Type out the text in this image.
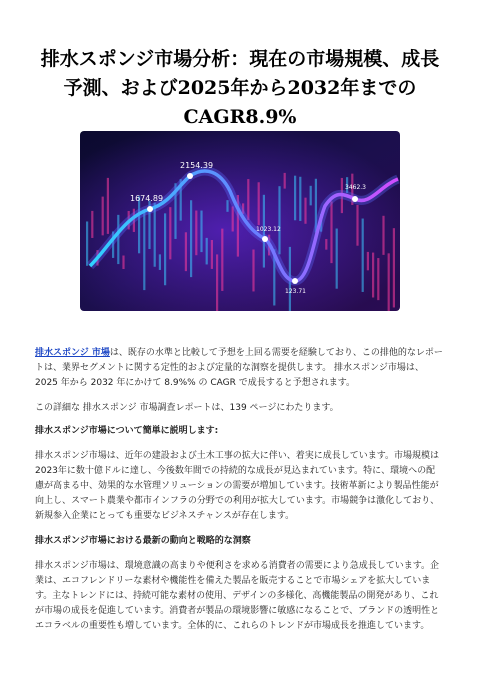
排水スポンジ市場分析：現在の市場規模、成長
予測、および2025年から2032年までの
CAGR8.9%
1674.89
2154.39
1023.12
123.71
3462.3

排水スポンジ 市場は、既存の水準と比較して予想を上回る需要を経験しており、この排他的なレポートは、業界セグメントに関する定性的および定量的な洞察を提供します。 排水スポンジ市場は、2025 年から 2032 年にかけて 8.9%% の CAGR で成長すると予想されます。

この詳細な 排水スポンジ 市場調査レポートは、139 ページにわたります。

排水スポンジ市場について簡単に説明します:

排水スポンジ市場は、近年の建設および土木工事の拡大に伴い、着実に成長しています。市場規模は2023年に数十億ドルに達し、今後数年間での持続的な成長が見込まれています。特に、環境への配慮が高まる中、効果的な水管理ソリューションの需要が増加しています。技術革新により製品性能が向上し、スマート農業や都市インフラの分野での利用が拡大しています。市場競争は激化しており、新規参入企業にとっても重要なビジネスチャンスが存在します。

排水スポンジ市場における最新の動向と戦略的な洞察

排水スポンジ市場は、環境意識の高まりや便利さを求める消費者の需要により急成長しています。企業は、エコフレンドリーな素材や機能性を備えた製品を販売することで市場シェアを拡大しています。主なトレンドには、持続可能な素材の使用、デザインの多様化、高機能製品の開発があり、これが市場の成長を促進しています。消費者が製品の環境影響に敏感になることで、ブランドの透明性とエコラベルの重要性も増しています。全体的に、これらのトレンドが市場成長を推進しています。
